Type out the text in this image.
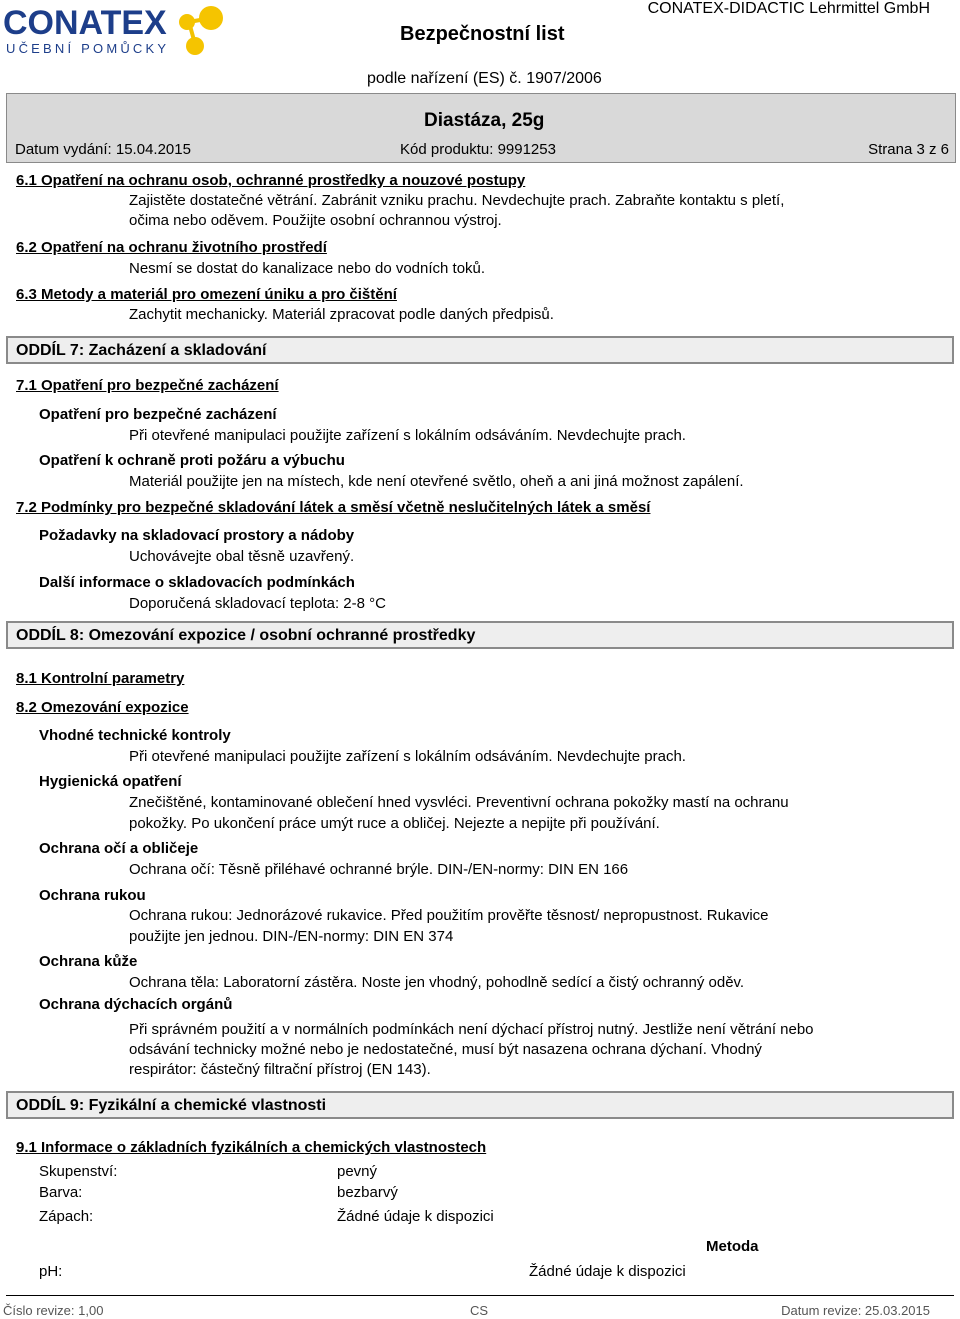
CONATEX
UČEBNÍ POMŮCKY
Bezpečnostní list
CONATEX-DIDACTIC Lehrmittel GmbH
podle nařízení (ES) č. 1907/2006
Diastáza, 25g
Datum vydání: 15.04.2015	Kód produktu: 9991253	Strana 3 z 6
6.1 Opatření na ochranu osob, ochranné prostředky a nouzové postupy
Zajistěte dostatečné větrání. Zabránit vzniku prachu. Nevdechujte prach. Zabraňte kontaktu s pletí,
očima nebo oděvem. Použijte osobní ochrannou výstroj.
6.2 Opatření na ochranu životního prostředí
Nesmí se dostat do kanalizace nebo do vodních toků.
6.3 Metody a materiál pro omezení úniku a pro čištění
Zachytit mechanicky. Materiál zpracovat podle daných předpisů.
ODDÍL 7: Zacházení a skladování
7.1 Opatření pro bezpečné zacházení
Opatření pro bezpečné zacházení
Při otevřené manipulaci použijte zařízení s lokálním odsáváním. Nevdechujte prach.
Opatření k ochraně proti požáru a výbuchu
Materiál použijte jen na místech, kde není otevřené světlo, oheň a ani jiná možnost zapálení.
7.2 Podmínky pro bezpečné skladování látek a směsí včetně neslučitelných látek a směsí
Požadavky na skladovací prostory a nádoby
Uchovávejte obal těsně uzavřený.
Další informace o skladovacích podmínkách
Doporučená skladovací teplota: 2-8 °C
ODDÍL 8: Omezování expozice / osobní ochranné prostředky
8.1 Kontrolní parametry
8.2 Omezování expozice
Vhodné technické kontroly
Při otevřené manipulaci použijte zařízení s lokálním odsáváním. Nevdechujte prach.
Hygienická opatření
Znečištěné, kontaminované oblečení hned vysvléci. Preventivní ochrana pokožky mastí na ochranu
pokožky. Po ukončení práce umýt ruce a obličej. Nejezte a nepijte při používání.
Ochrana očí a obličeje
Ochrana očí: Těsně přiléhavé ochranné brýle. DIN-/EN-normy: DIN EN 166
Ochrana rukou
Ochrana rukou: Jednorázové rukavice. Před použitím prověřte těsnost/ nepropustnost. Rukavice
použijte jen jednou. DIN-/EN-normy: DIN EN 374
Ochrana kůže
Ochrana těla: Laboratorní zástěra. Noste jen vhodný, pohodlně sedící a čistý ochranný oděv.
Ochrana dýchacích orgánů
Při správném použití a v normálních podmínkách není dýchací přístroj nutný. Jestliže není větrání nebo
odsávání technicky možné nebo je nedostatečné, musí být nasazena ochrana dýchaní. Vhodný
respirátor: částečný filtrační přístroj (EN 143).
ODDÍL 9: Fyzikální a chemické vlastnosti
9.1 Informace o základních fyzikálních a chemických vlastnostech
Skupenství:	pevný
Barva:	bezbarvý
Zápach:	Žádné údaje k dispozici
Metoda
pH:	Žádné údaje k dispozici
Číslo revize: 1,00	CS	Datum revize: 25.03.2015
